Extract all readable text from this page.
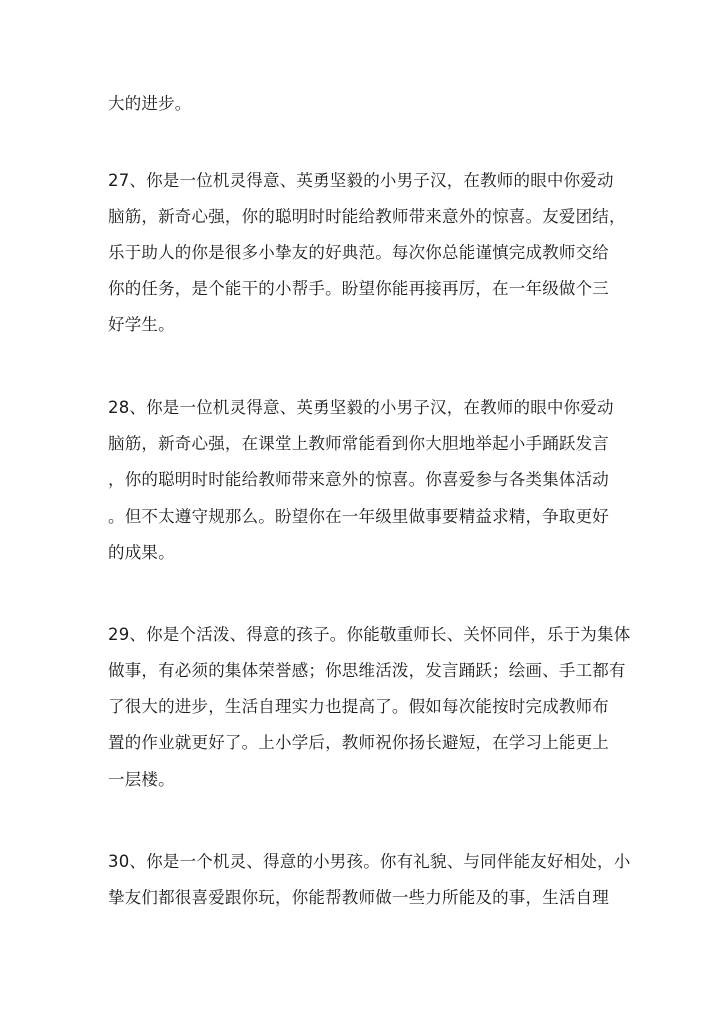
大的进步。
27、你是一位机灵得意、英勇坚毅的小男子汉，在教师的眼中你爱动
脑筋，新奇心强，你的聪明时时能给教师带来意外的惊喜。友爱团结，
乐于助人的你是很多小挚友的好典范。每次你总能谨慎完成教师交给
你的任务，是个能干的小帮手。盼望你能再接再厉，在一年级做个三
好学生。
28、你是一位机灵得意、英勇坚毅的小男子汉，在教师的眼中你爱动
脑筋，新奇心强，在课堂上教师常能看到你大胆地举起小手踊跃发言
，你的聪明时时能给教师带来意外的惊喜。你喜爱参与各类集体活动
。但不太遵守规那么。盼望你在一年级里做事要精益求精，争取更好
的成果。
29、你是个活泼、得意的孩子。你能敬重师长、关怀同伴，乐于为集体
做事，有必须的集体荣誉感；你思维活泼，发言踊跃；绘画、手工都有
了很大的进步，生活自理实力也提高了。假如每次能按时完成教师布
置的作业就更好了。上小学后，教师祝你扬长避短，在学习上能更上
一层楼。
30、你是一个机灵、得意的小男孩。你有礼貌、与同伴能友好相处，小
挚友们都很喜爱跟你玩，你能帮教师做一些力所能及的事，生活自理
